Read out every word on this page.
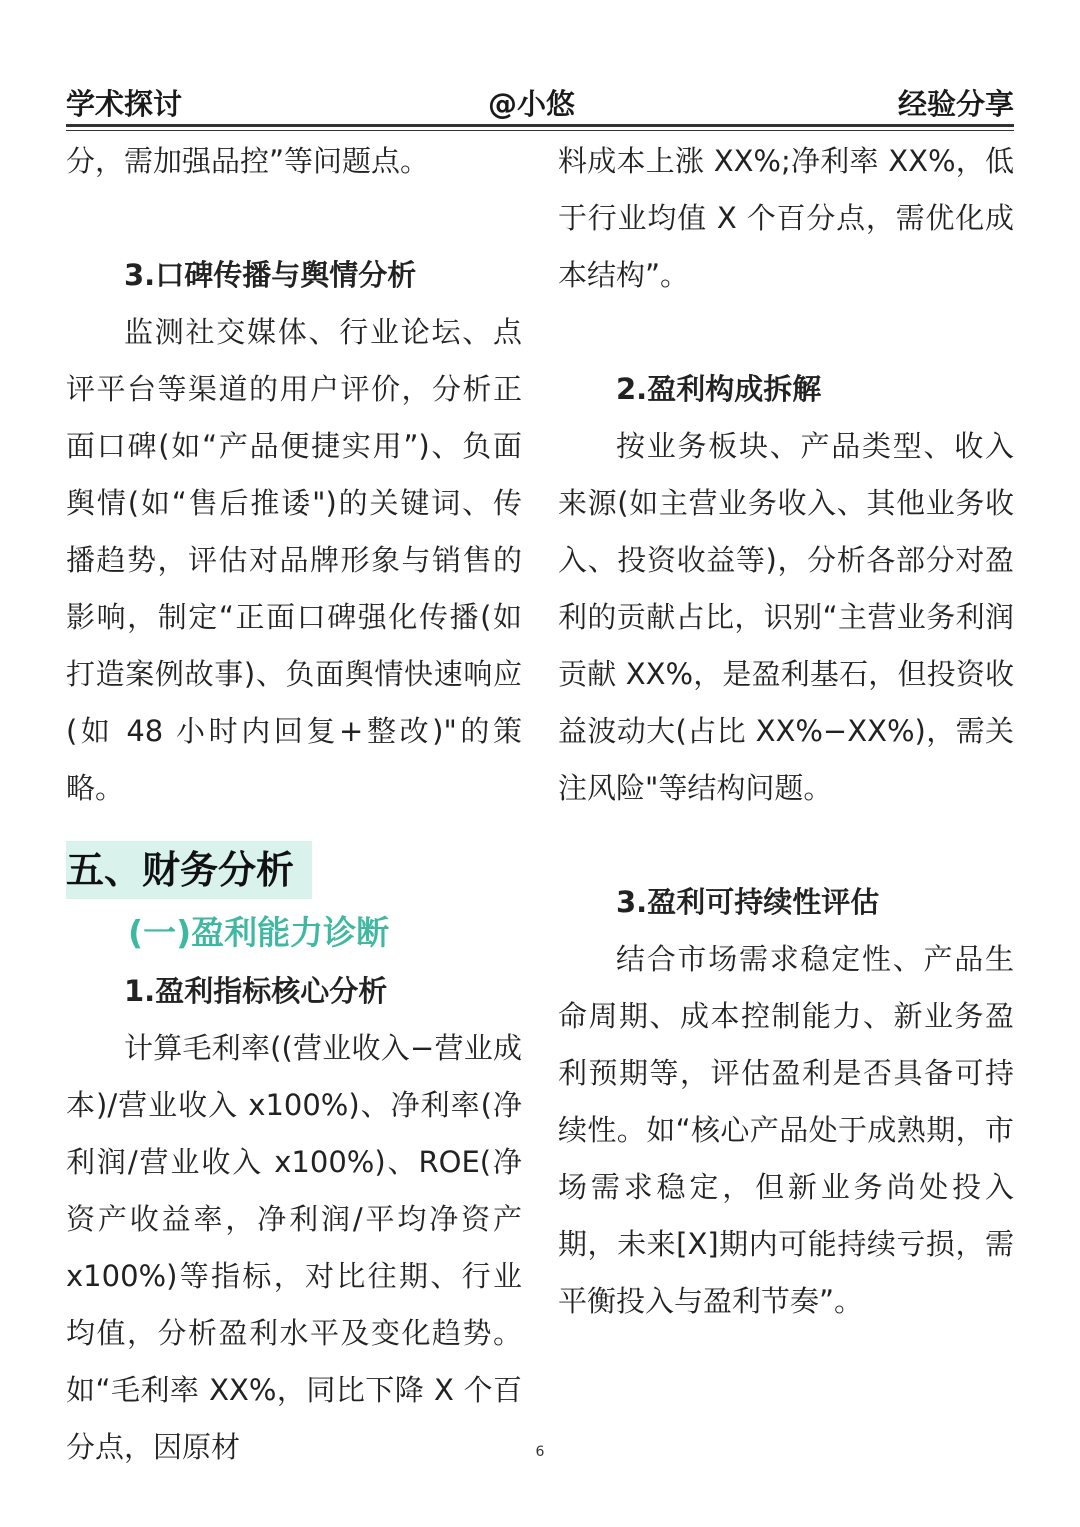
学术探讨	@小悠	经验分享

分，需加强品控”等问题点。

3.口碑传播与舆情分析

监测社交媒体、行业论坛、点评平台等渠道的用户评价，分析正面口碑(如“产品便捷实用”)、负面舆情(如“售后推诿")的关键词、传播趋势，评估对品牌形象与销售的影响，制定“正面口碑强化传播(如打造案例故事)、负面舆情快速响应(如 48 小时内回复+整改)"的策略。

五、财务分析

(一)盈利能力诊断

1.盈利指标核心分析

计算毛利率((营业收入−营业成本)/营业收入 x100%)、净利率(净利润/营业收入 x100%)、ROE(净资产收益率，净利润/平均净资产 x100%)等指标，对比往期、行业均值，分析盈利水平及变化趋势。如“毛利率 XX%，同比下降 X 个百分点，因原材

料成本上涨 XX%;净利率 XX%，低于行业均值 X 个百分点，需优化成本结构”。

2.盈利构成拆解

按业务板块、产品类型、收入来源(如主营业务收入、其他业务收入、投资收益等)，分析各部分对盈利的贡献占比，识别“主营业务利润贡献 XX%，是盈利基石，但投资收益波动大(占比 XX%−XX%)，需关注风险"等结构问题。

3.盈利可持续性评估

结合市场需求稳定性、产品生命周期、成本控制能力、新业务盈利预期等，评估盈利是否具备可持续性。如“核心产品处于成熟期，市场需求稳定，但新业务尚处投入期，未来[X]期内可能持续亏损，需平衡投入与盈利节奏”。

6
